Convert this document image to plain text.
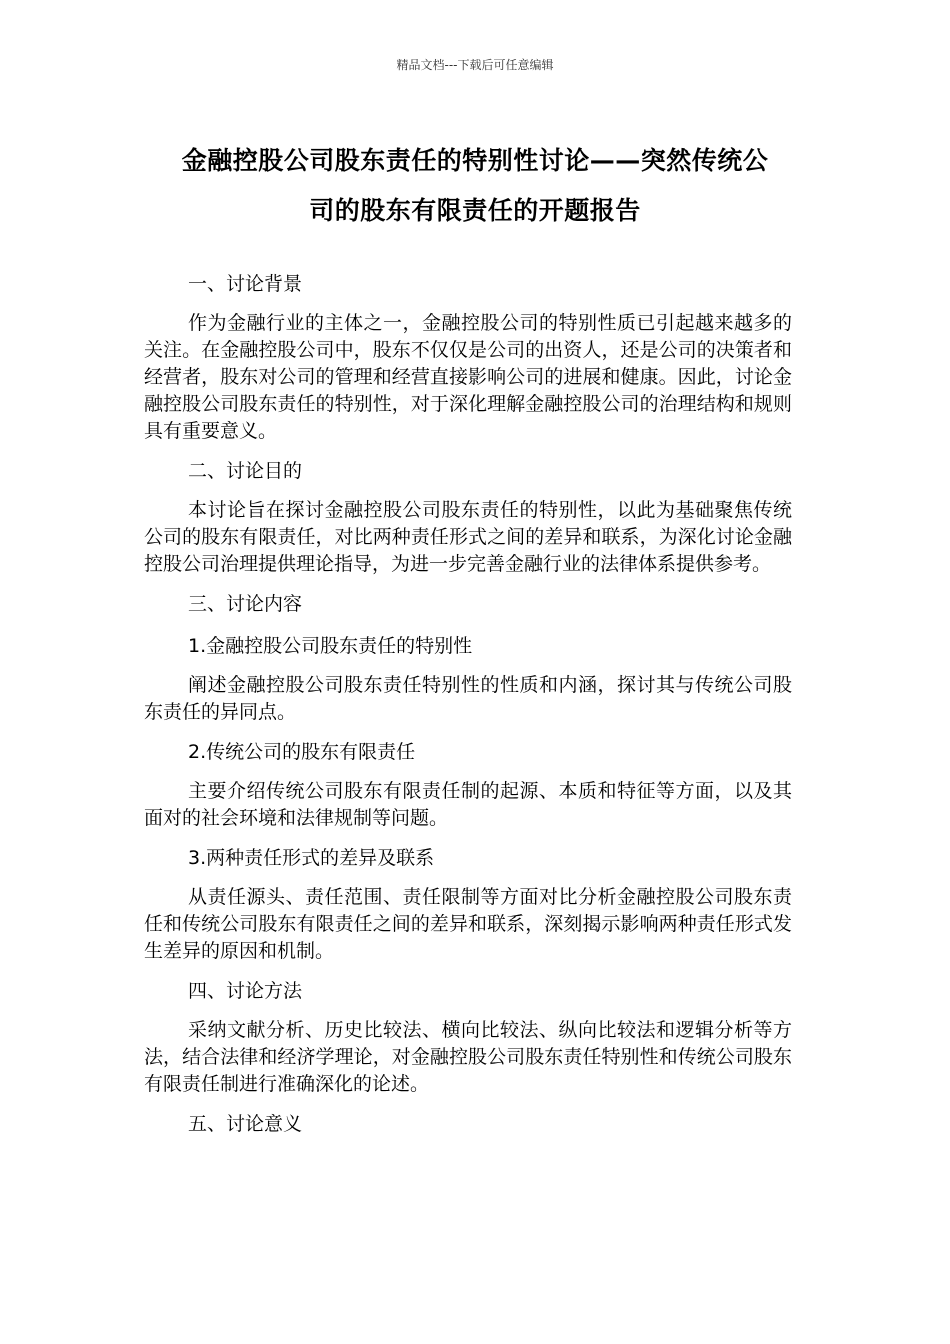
精品文档---下载后可任意编辑
金融控股公司股东责任的特别性讨论——突然传统公
司的股东有限责任的开题报告
一、讨论背景

作为金融行业的主体之一，金融控股公司的特别性质已引起越来越多的关注。在金融控股公司中，股东不仅仅是公司的出资人，还是公司的决策者和经营者，股东对公司的管理和经营直接影响公司的进展和健康。因此，讨论金融控股公司股东责任的特别性，对于深化理解金融控股公司的治理结构和规则具有重要意义。

二、讨论目的

本讨论旨在探讨金融控股公司股东责任的特别性，以此为基础聚焦传统公司的股东有限责任，对比两种责任形式之间的差异和联系，为深化讨论金融控股公司治理提供理论指导，为进一步完善金融行业的法律体系提供参考。

三、讨论内容
1.金融控股公司股东责任的特别性

阐述金融控股公司股东责任特别性的性质和内涵，探讨其与传统公司股东责任的异同点。

2.传统公司的股东有限责任

主要介绍传统公司股东有限责任制的起源、本质和特征等方面，以及其面对的社会环境和法律规制等问题。

3.两种责任形式的差异及联系

从责任源头、责任范围、责任限制等方面对比分析金融控股公司股东责任和传统公司股东有限责任之间的差异和联系，深刻揭示影响两种责任形式发生差异的原因和机制。

四、讨论方法

采纳文献分析、历史比较法、横向比较法、纵向比较法和逻辑分析等方法，结合法律和经济学理论，对金融控股公司股东责任特别性和传统公司股东有限责任制进行准确深化的论述。

五、讨论意义
